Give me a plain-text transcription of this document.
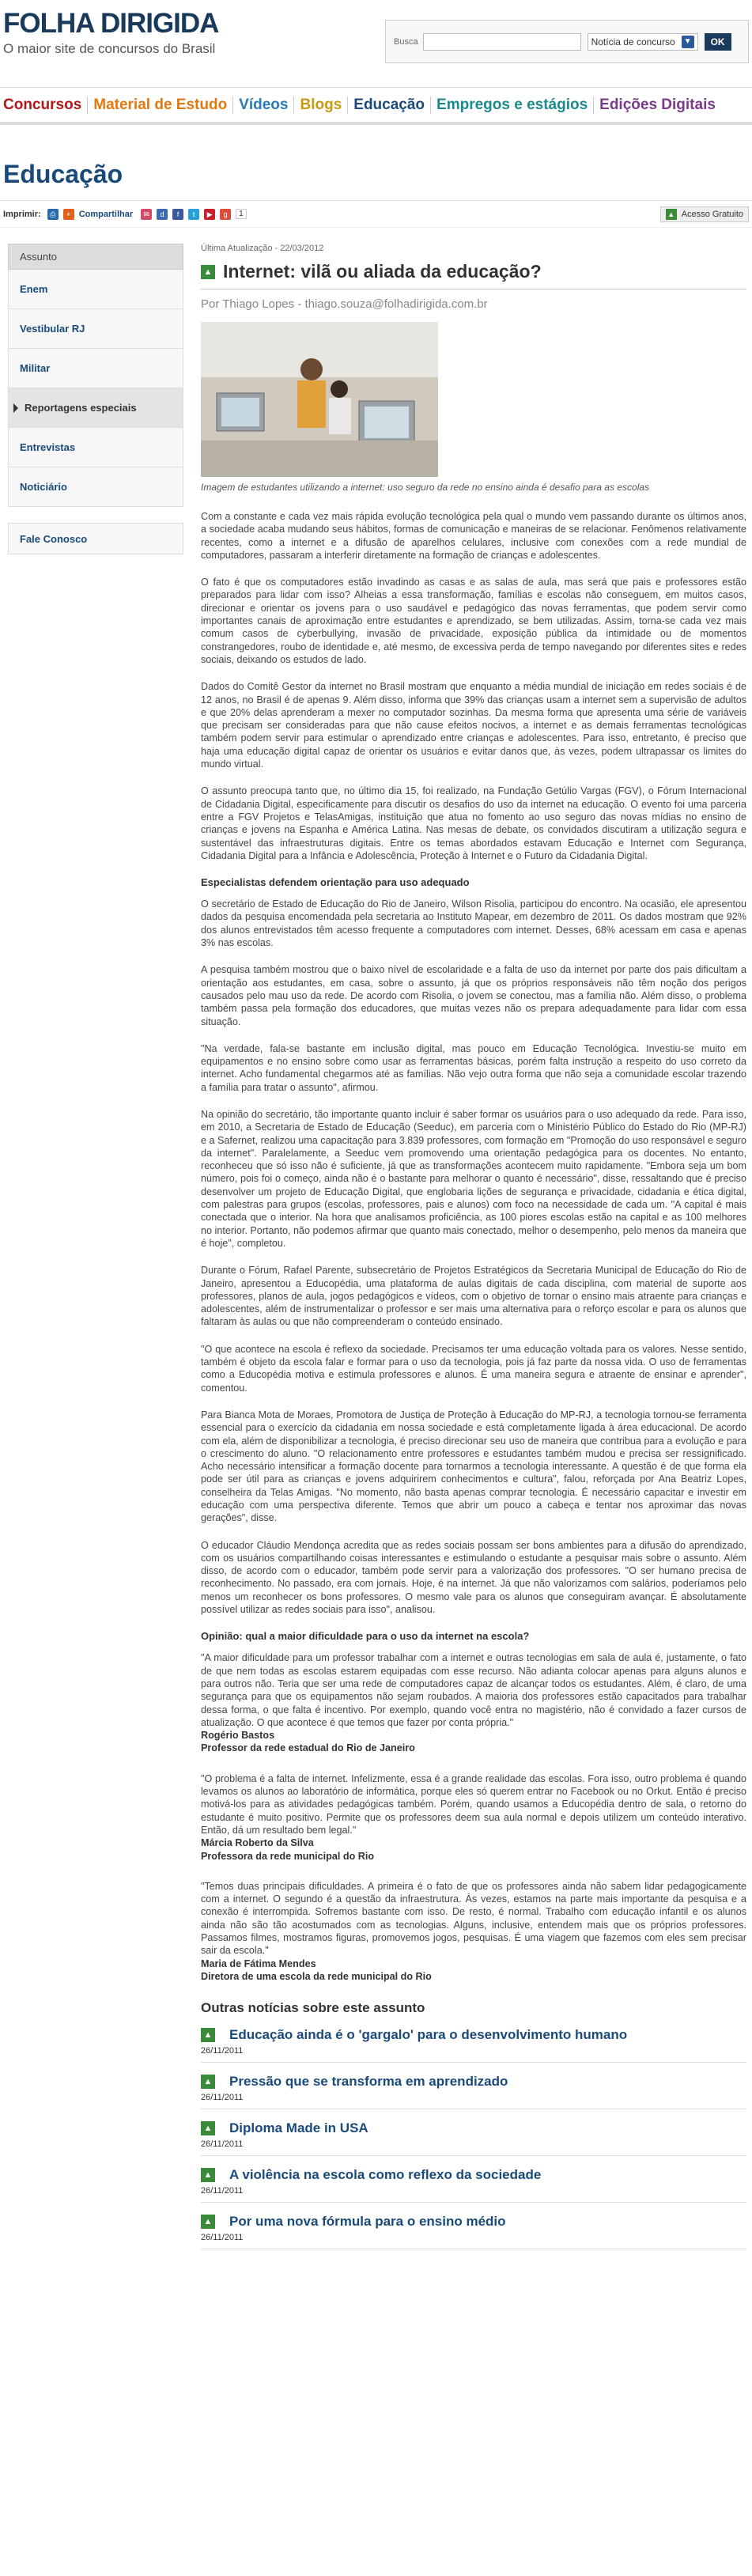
FOLHA DIRIGIDA
O maior site de concursos do Brasil	Busca	Notícia de concurso	▼	OK
Concursos Material de Estudo Vídeos Blogs Educação Empregos e estágios Edições Digitais
Educação
Imprimir:	⎙	+ Compartilhar	✉	d	f	t	▶	g	1	▲ Acesso Gratuito
Assunto
Enem
Vestibular RJ
Militar
Reportagens especiais
Entrevistas
Noticiário
Fale Conosco
Última Atualização - 22/03/2012
▲ Internet: vilã ou aliada da educação?
Por Thiago Lopes - thiago.souza@folhadirigida.com.br
Imagem de estudantes utilizando a internet: uso seguro da rede no ensino ainda é desafio para as escolas

Com a constante e cada vez mais rápida evolução tecnológica pela qual o mundo vem passando durante os últimos anos, a sociedade acaba mudando seus hábitos, formas de comunicação e maneiras de se relacionar. Fenômenos relativamente recentes, como a internet e a difusão de aparelhos celulares, inclusive com conexões com a rede mundial de computadores, passaram a interferir diretamente na formação de crianças e adolescentes.

O fato é que os computadores estão invadindo as casas e as salas de aula, mas será que pais e professores estão preparados para lidar com isso? Alheias a essa transformação, famílias e escolas não conseguem, em muitos casos, direcionar e orientar os jovens para o uso saudável e pedagógico das novas ferramentas, que podem servir como importantes canais de aproximação entre estudantes e aprendizado, se bem utilizadas. Assim, torna-se cada vez mais comum casos de cyberbullying, invasão de privacidade, exposição pública da intimidade ou de momentos constrangedores, roubo de identidade e, até mesmo, de excessiva perda de tempo navegando por diferentes sites e redes sociais, deixando os estudos de lado.

Dados do Comitê Gestor da internet no Brasil mostram que enquanto a média mundial de iniciação em redes sociais é de 12 anos, no Brasil é de apenas 9. Além disso, informa que 39% das crianças usam a internet sem a supervisão de adultos e que 20% delas aprenderam a mexer no computador sozinhas. Da mesma forma que apresenta uma série de variáveis que precisam ser consideradas para que não cause efeitos nocivos, a internet e as demais ferramentas tecnológicas também podem servir para estimular o aprendizado entre crianças e adolescentes. Para isso, entretanto, é preciso que haja uma educação digital capaz de orientar os usuários e evitar danos que, às vezes, podem ultrapassar os limites do mundo virtual.

O assunto preocupa tanto que, no último dia 15, foi realizado, na Fundação Getúlio Vargas (FGV), o Fórum Internacional de Cidadania Digital, especificamente para discutir os desafios do uso da internet na educação. O evento foi uma parceria entre a FGV Projetos e TelasAmigas, instituição que atua no fomento ao uso seguro das novas mídias no ensino de crianças e jovens na Espanha e América Latina. Nas mesas de debate, os convidados discutiram a utilização segura e sustentável das infraestruturas digitais. Entre os temas abordados estavam Educação e Internet com Segurança, Cidadania Digital para a Infância e Adolescência, Proteção à Internet e o Futuro da Cidadania Digital.

Especialistas defendem orientação para uso adequado

O secretário de Estado de Educação do Rio de Janeiro, Wilson Risolia, participou do encontro. Na ocasião, ele apresentou dados da pesquisa encomendada pela secretaria ao Instituto Mapear, em dezembro de 2011. Os dados mostram que 92% dos alunos entrevistados têm acesso frequente a computadores com internet. Desses, 68% acessam em casa e apenas 3% nas escolas.

A pesquisa também mostrou que o baixo nível de escolaridade e a falta de uso da internet por parte dos pais dificultam a orientação aos estudantes, em casa, sobre o assunto, já que os próprios responsáveis não têm noção dos perigos causados pelo mau uso da rede. De acordo com Risolia, o jovem se conectou, mas a família não. Além disso, o problema também passa pela formação dos educadores, que muitas vezes não os prepara adequadamente para lidar com essa situação.

"Na verdade, fala-se bastante em inclusão digital, mas pouco em Educação Tecnológica. Investiu-se muito em equipamentos e no ensino sobre como usar as ferramentas básicas, porém falta instrução a respeito do uso correto da internet. Acho fundamental chegarmos até as famílias. Não vejo outra forma que não seja a comunidade escolar trazendo a família para tratar o assunto", afirmou.

Na opinião do secretário, tão importante quanto incluir é saber formar os usuários para o uso adequado da rede. Para isso, em 2010, a Secretaria de Estado de Educação (Seeduc), em parceria com o Ministério Público do Estado do Rio (MP-RJ) e a Safernet, realizou uma capacitação para 3.839 professores, com formação em "Promoção do uso responsável e seguro da internet". Paralelamente, a Seeduc vem promovendo uma orientação pedagógica para os docentes. No entanto, reconheceu que só isso não é suficiente, já que as transformações acontecem muito rapidamente. "Embora seja um bom número, pois foi o começo, ainda não é o bastante para melhorar o quanto é necessário", disse, ressaltando que é preciso desenvolver um projeto de Educação Digital, que englobaria lições de segurança e privacidade, cidadania e ética digital, com palestras para grupos (escolas, professores, pais e alunos) com foco na necessidade de cada um. "A capital é mais conectada que o interior. Na hora que analisamos proficiência, as 100 piores escolas estão na capital e as 100 melhores no interior. Portanto, não podemos afirmar que quanto mais conectado, melhor o desempenho, pelo menos da maneira que é hoje", completou.

Durante o Fórum, Rafael Parente, subsecretário de Projetos Estratégicos da Secretaria Municipal de Educação do Rio de Janeiro, apresentou a Educopédia, uma plataforma de aulas digitais de cada disciplina, com material de suporte aos professores, planos de aula, jogos pedagógicos e vídeos, com o objetivo de tornar o ensino mais atraente para crianças e adolescentes, além de instrumentalizar o professor e ser mais uma alternativa para o reforço escolar e para os alunos que faltaram às aulas ou que não compreenderam o conteúdo ensinado.

"O que acontece na escola é reflexo da sociedade. Precisamos ter uma educação voltada para os valores. Nesse sentido, também é objeto da escola falar e formar para o uso da tecnologia, pois já faz parte da nossa vida. O uso de ferramentas como a Educopédia motiva e estimula professores e alunos. É uma maneira segura e atraente de ensinar e aprender", comentou.

Para Bianca Mota de Moraes, Promotora de Justiça de Proteção à Educação do MP-RJ, a tecnologia tornou-se ferramenta essencial para o exercício da cidadania em nossa sociedade e está completamente ligada à área educacional. De acordo com ela, além de disponibilizar a tecnologia, é preciso direcionar seu uso de maneira que contribua para a evolução e para o crescimento do aluno. "O relacionamento entre professores e estudantes também mudou e precisa ser ressignificado. Acho necessário intensificar a formação docente para tornarmos a tecnologia interessante. A questão é de que forma ela pode ser útil para as crianças e jovens adquirirem conhecimentos e cultura", falou, reforçada por Ana Beatriz Lopes, conselheira da Telas Amigas. "No momento, não basta apenas comprar tecnologia. É necessário capacitar e investir em educação com uma perspectiva diferente. Temos que abrir um pouco a cabeça e tentar nos aproximar das novas gerações", disse.

O educador Cláudio Mendonça acredita que as redes sociais possam ser bons ambientes para a difusão do aprendizado, com os usuários compartilhando coisas interessantes e estimulando o estudante a pesquisar mais sobre o assunto. Além disso, de acordo com o educador, também pode servir para a valorização dos professores. "O ser humano precisa de reconhecimento. No passado, era com jornais. Hoje, é na internet. Já que não valorizamos com salários, poderíamos pelo menos um reconhecer os bons professores. O mesmo vale para os alunos que conseguiram avançar. É absolutamente possível utilizar as redes sociais para isso", analisou.

Opinião: qual a maior dificuldade para o uso da internet na escola?

"A maior dificuldade para um professor trabalhar com a internet e outras tecnologias em sala de aula é, justamente, o fato de que nem todas as escolas estarem equipadas com esse recurso. Não adianta colocar apenas para alguns alunos e para outros não. Teria que ser uma rede de computadores capaz de alcançar todos os estudantes. Além, é claro, de uma segurança para que os equipamentos não sejam roubados. A maioria dos professores estão capacitados para trabalhar dessa forma, o que falta é incentivo. Por exemplo, quando você entra no magistério, não é convidado a fazer cursos de atualização. O que acontece é que temos que fazer por conta própria."

Rogério Bastos
Professor da rede estadual do Rio de Janeiro

"O problema é a falta de internet. Infelizmente, essa é a grande realidade das escolas. Fora isso, outro problema é quando levamos os alunos ao laboratório de informática, porque eles só querem entrar no Facebook ou no Orkut. Então é preciso motivá-los para as atividades pedagógicas também. Porém, quando usamos a Educopédia dentro de sala, o retorno do estudante é muito positivo. Permite que os professores deem sua aula normal e depois utilizem um conteúdo interativo. Então, dá um resultado bem legal."

Márcia Roberto da Silva
Professora da rede municipal do Rio

"Temos duas principais dificuldades. A primeira é o fato de que os professores ainda não sabem lidar pedagogicamente com a internet. O segundo é a questão da infraestrutura. Às vezes, estamos na parte mais importante da pesquisa e a conexão é interrompida. Sofremos bastante com isso. De resto, é normal. Trabalho com educação infantil e os alunos ainda não são tão acostumados com as tecnologias. Alguns, inclusive, entendem mais que os próprios professores. Passamos filmes, mostramos figuras, promovemos jogos, pesquisas. É uma viagem que fazemos com eles sem precisar sair da escola."

Maria de Fátima Mendes
Diretora de uma escola da rede municipal do Rio
Outras notícias sobre este assunto
▲ Educação ainda é o 'gargalo' para o desenvolvimento humano
26/11/2011
▲ Pressão que se transforma em aprendizado
26/11/2011
▲ Diploma Made in USA
26/11/2011
▲ A violência na escola como reflexo da sociedade
26/11/2011
▲ Por uma nova fórmula para o ensino médio
26/11/2011
